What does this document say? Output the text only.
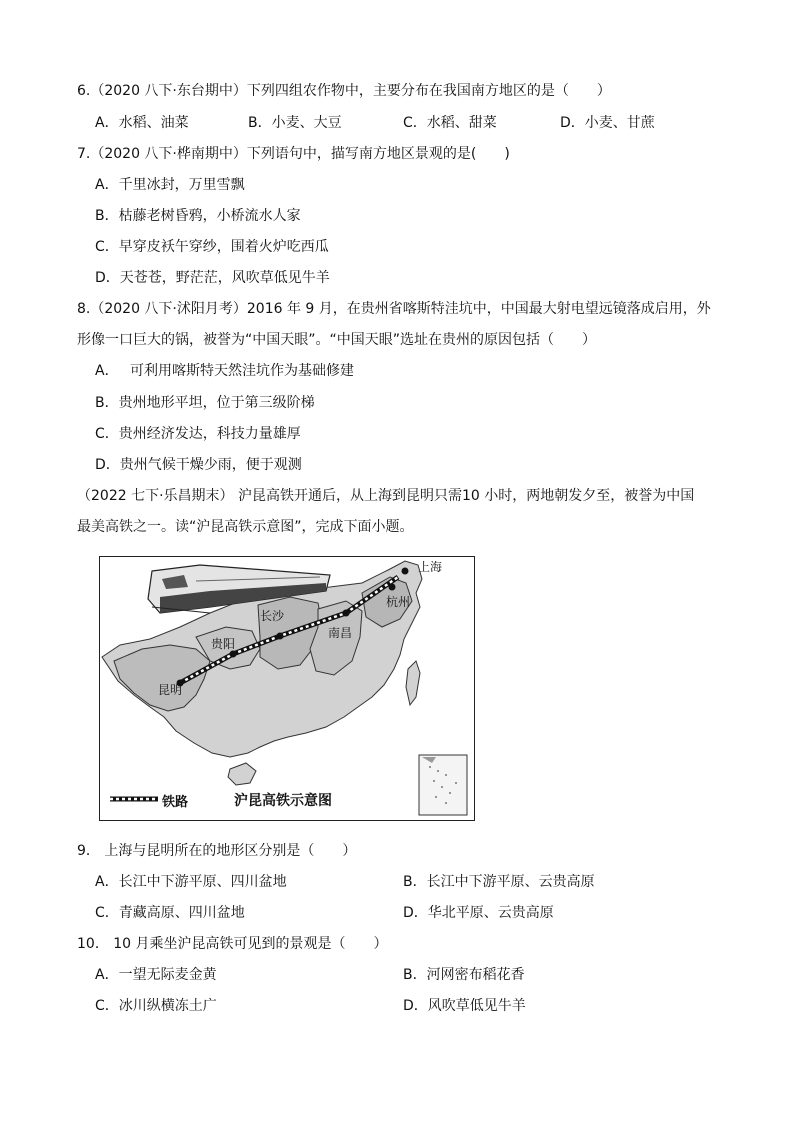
6.（2020 八下·东台期中）下列四组农作物中，主要分布在我国南方地区的是（　　）
A．水稻、油菜	B．小麦、大豆	C．水稻、甜菜	D．小麦、甘蔗
7.（2020 八下·桦南期中）下列语句中，描写南方地区景观的是(　　)
A．千里冰封，万里雪飘
B．枯藤老树昏鸦，小桥流水人家
C．早穿皮袄午穿纱，围着火炉吃西瓜
D．天苍苍，野茫茫，风吹草低见牛羊
8.（2020 八下·沭阳月考）2016 年 9 月，在贵州省喀斯特洼坑中，中国最大射电望远镜落成启用，外
形像一口巨大的锅，被誉为“中国天眼”。“中国天眼”选址在贵州的原因包括（　　）
A．　 可利用喀斯特天然洼坑作为基础修建
B．贵州地形平坦，位于第三级阶梯
C．贵州经济发达，科技力量雄厚
D．贵州气候干燥少雨，便于观测
（2022 七下·乐昌期末） 沪昆高铁开通后，从上海到昆明只需10 小时，两地朝发夕至，被誉为中国
最美高铁之一。读“沪昆高铁示意图”，完成下面小题。
上海
杭州
长沙
南昌
贵阳
昆明
铁路	沪昆高铁示意图
9． 上海与昆明所在的地形区分别是（　　）
A．长江中下游平原、四川盆地	B．长江中下游平原、云贵高原
C．青藏高原、四川盆地	D．华北平原、云贵高原
10． 10 月乘坐沪昆高铁可见到的景观是（　　）
A．一望无际麦金黄	B．河网密布稻花香
C．冰川纵横冻土广	D．风吹草低见牛羊
